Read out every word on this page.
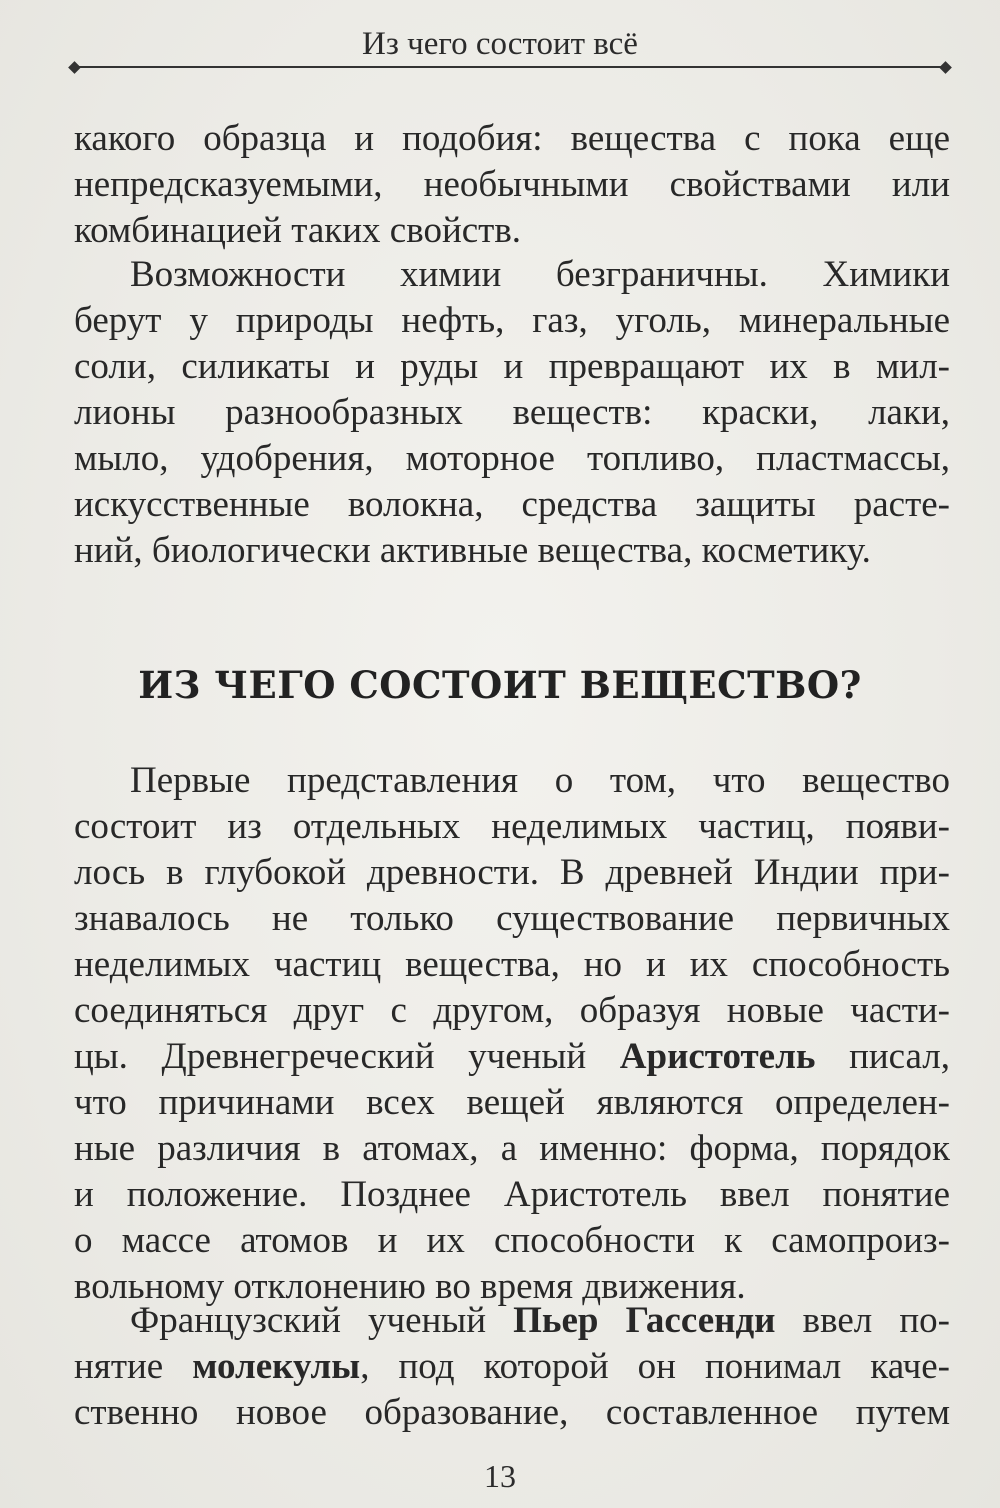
Из чего состоит всё
какого образца и подобия: вещества с пока еще
непредсказуемыми, необычными свойствами или
комбинацией таких свойств.
Возможности химии безграничны. Химики
берут у природы нефть, газ, уголь, минеральные
соли, силикаты и руды и превращают их в мил-
лионы разнообразных веществ: краски, лаки,
мыло, удобрения, моторное топливо, пластмассы,
искусственные волокна, средства защиты расте-
ний, биологически активные вещества, косметику.
ИЗ ЧЕГО СОСТОИТ ВЕЩЕСТВО?
Первые представления о том, что вещество
состоит из отдельных неделимых частиц, появи-
лось в глубокой древности. В древней Индии при-
знавалось не только существование первичных
неделимых частиц вещества, но и их способность
соединяться друг с другом, образуя новые части-
цы. Древнегреческий ученый Аристотель писал,
что причинами всех вещей являются определен-
ные различия в атомах, а именно: форма, порядок
и положение. Позднее Аристотель ввел понятие
о массе атомов и их способности к самопроиз-
вольному отклонению во время движения.
Французский ученый Пьер Гассенди ввел по-
нятие молекулы, под которой он понимал каче-
ственно новое образование, составленное путем
13
